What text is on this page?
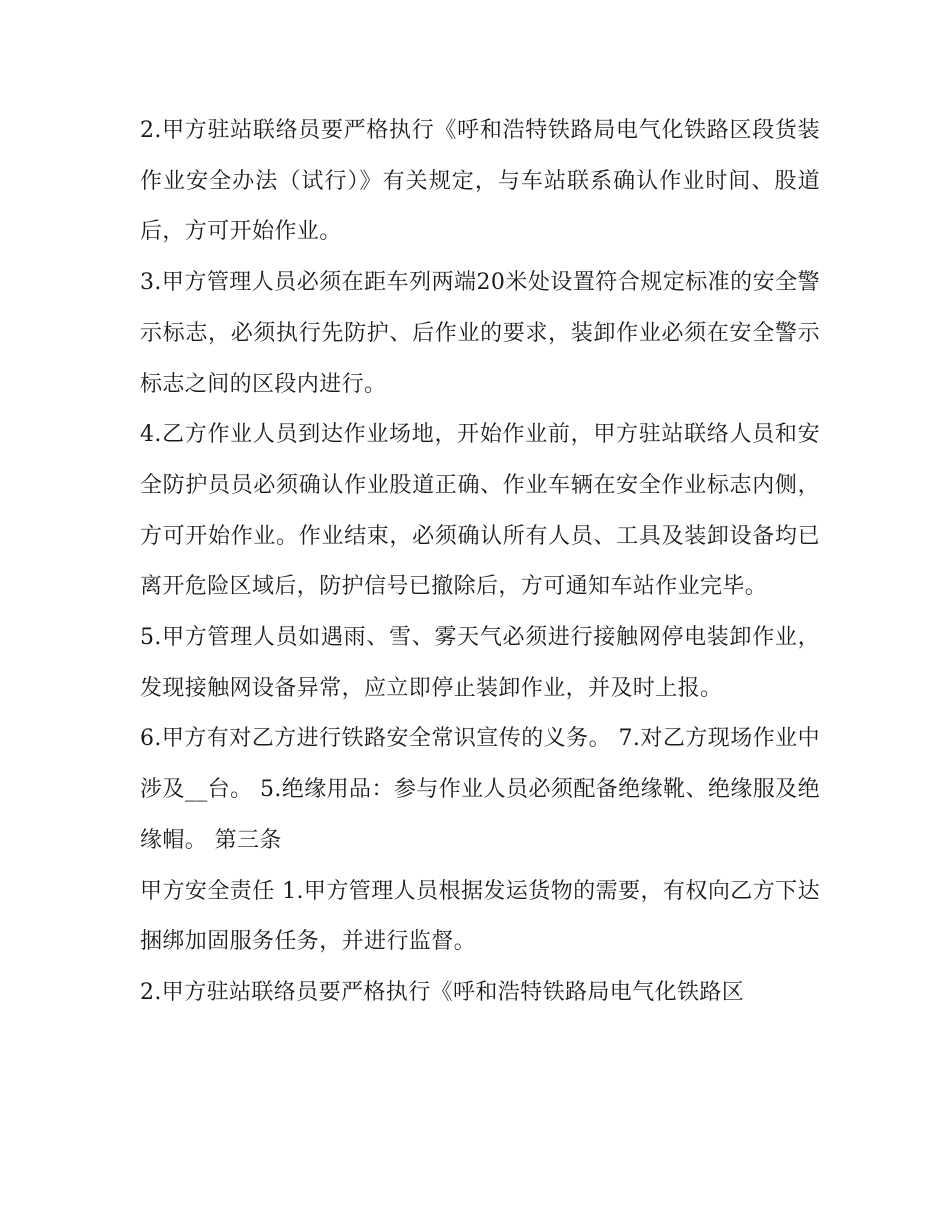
2.甲方驻站联络员要严格执行《呼和浩特铁路局电气化铁路区段货装作业安全办法（试行）》有关规定，与车站联系确认作业时间、股道后，方可开始作业。

3.甲方管理人员必须在距车列两端20米处设置符合规定标准的安全警示标志，必须执行先防护、后作业的要求，装卸作业必须在安全警示标志之间的区段内进行。

4.乙方作业人员到达作业场地，开始作业前，甲方驻站联络人员和安全防护员员必须确认作业股道正确、作业车辆在安全作业标志内侧，方可开始作业。作业结束，必须确认所有人员、工具及装卸设备均已离开危险区域后，防护信号已撤除后，方可通知车站作业完毕。

5.甲方管理人员如遇雨、雪、雾天气必须进行接触网停电装卸作业，发现接触网设备异常，应立即停止装卸作业，并及时上报。

6.甲方有对乙方进行铁路安全常识宣传的义务。 7.对乙方现场作业中涉及__台。 5.绝缘用品：参与作业人员必须配备绝缘靴、绝缘服及绝缘帽。 第三条

甲方安全责任 1.甲方管理人员根据发运货物的需要，有权向乙方下达捆绑加固服务任务，并进行监督。

2.甲方驻站联络员要严格执行《呼和浩特铁路局电气化铁路区
